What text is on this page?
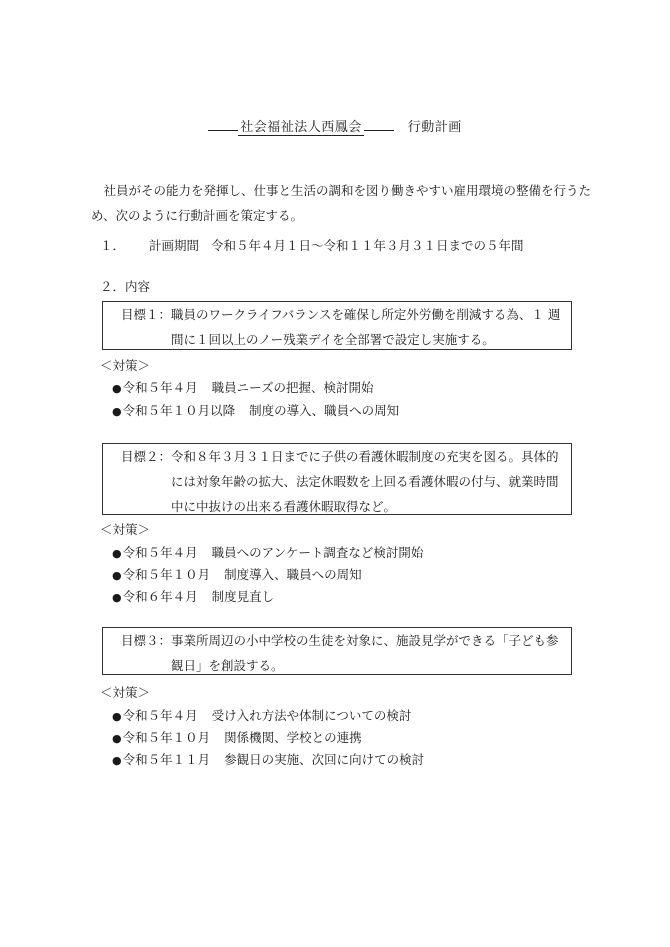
社会福祉法人西鳳会	行動計画
社員がその能力を発揮し、仕事と生活の調和を図り働きやすい雇用環境の整備を行うため、次のように行動計画を策定する。
１． 計画期間 令和５年４月１日〜令和１１年３月３１日までの５年間
２．内容
目標１： 職員のワークライフバランスを確保し所定外労働を削減する為、１ 週間に１回以上のノー残業デイを全部署で設定し実施する。
＜対策＞
●令和５年４月 職員ニーズの把握、検討開始
●令和５年１０月以降 制度の導入、職員への周知
目標２： 令和８年３月３１日までに子供の看護休暇制度の充実を図る。具体的には対象年齢の拡大、法定休暇数を上回る看護休暇の付与、就業時間中に中抜けの出来る看護休暇取得など。
＜対策＞
●令和５年４月 職員へのアンケート調査など検討開始
●令和５年１０月 制度導入、職員への周知
●令和６年４月 制度見直し
目標３： 事業所周辺の小中学校の生徒を対象に、施設見学ができる「子ども参観日」を創設する。
＜対策＞
●令和５年４月 受け入れ方法や体制についての検討
●令和５年１０月 関係機関、学校との連携
●令和５年１１月 参観日の実施、次回に向けての検討
